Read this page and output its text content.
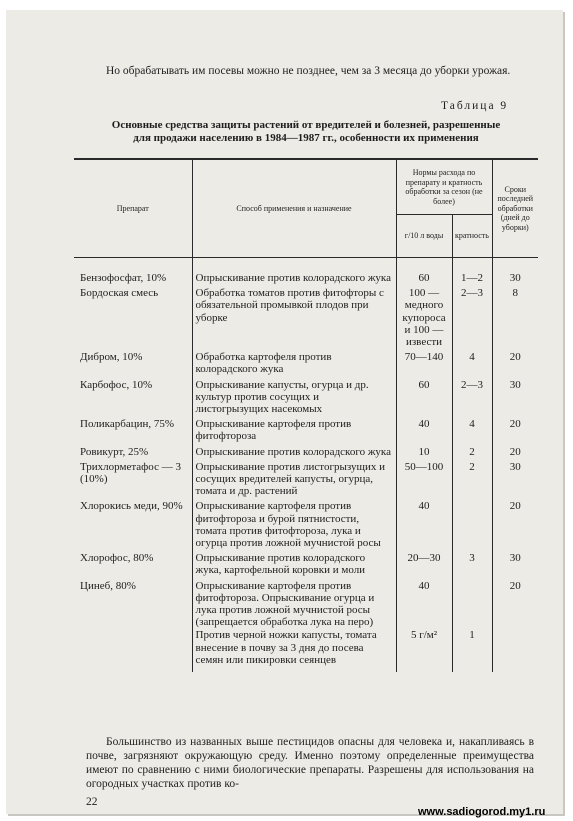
Но обрабатывать им посевы можно не позднее, чем за 3 месяца до уборки урожая.

Таблица 9
Основные средства защиты растений от вредителей и болезней, разрешенные для продажи населению в 1984—1987 гг., особенности их применения
Препарат	Способ применения и назначение	Нормы расхода по препарату и кратность обработки за сезон (не более)		Сроки последней обработки (дней до уборки)
		г/10 л воды	кратность	
Бензофосфат, 10%	Опрыскивание против колорадского жука	60	1—2	30
Бордоская смесь	Обработка томатов против фитофторы с обязательной промывкой плодов при уборке	100 — медного купороса и 100 — извести	2—3	8
Дибром, 10%	Обработка картофеля против колорадского жука	70—140	4	20
Карбофос, 10%	Опрыскивание капусты, огурца и др. культур против сосущих и листогрызущих насекомых	60	2—3	30
Поликарбацин, 75%	Опрыскивание картофеля против фитофтороза	40	4	20
Ровикурт, 25%	Опрыскивание против колорадского жука	10	2	20
Трихлорметафос — 3 (10%)	Опрыскивание против листогрызущих и сосущих вредителей капусты, огурца, томата и др. растений	50—100	2	30
Хлорокись меди, 90%	Опрыскивание картофеля против фитофтороза и бурой пятнистости, томата против фитофтороза, лука и огурца против ложной мучнистой росы	40		20
Хлорофос, 80%	Опрыскивание против колорадского жука, картофельной коровки и моли	20—30	3	30
Цинеб, 80%	Опрыскивание картофеля против фитофтороза. Опрыскивание огурца и лука против ложной мучнистой росы (запрещается обработка лука на перо)	40		20
	Против черной ножки капусты, томата внесение в почву за 3 дня до посева семян или пикировки сеянцев	5 г/м²	1	

Большинство из названных выше пестицидов опасны для человека и, накапливаясь в почве, загрязняют окружающую среду. Именно поэтому определенные преимущества имеют по сравнению с ними биологические препараты. Разрешены для использования на огородных участках против ко-

22
www.sadiogorod.my1.ru
